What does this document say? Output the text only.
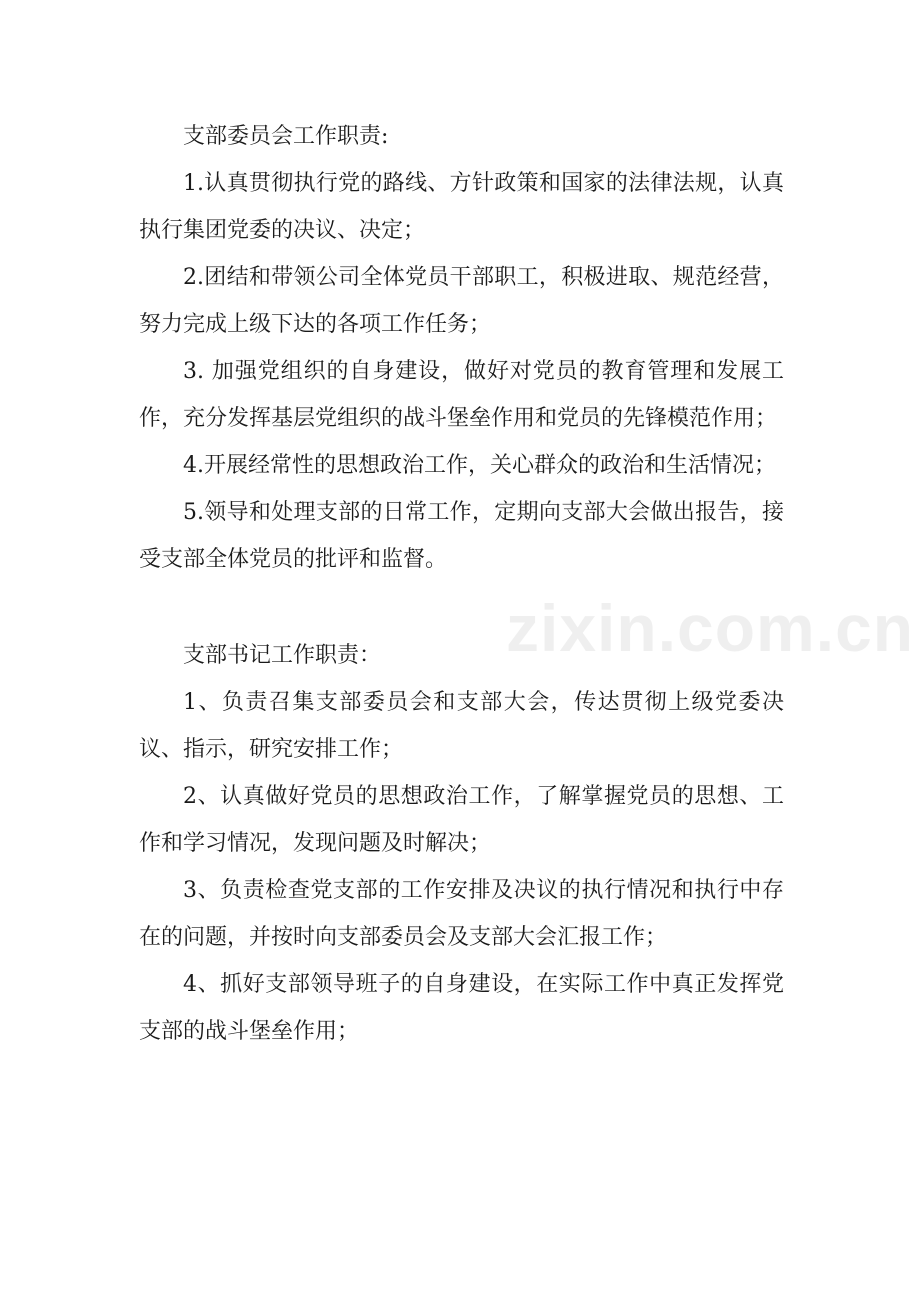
支部委员会工作职责:

1.认真贯彻执行党的路线、方针政策和国家的法律法规，认真执行集团党委的决议、决定；

2.团结和带领公司全体党员干部职工，积极进取、规范经营，努力完成上级下达的各项工作任务；

3. 加强党组织的自身建设，做好对党员的教育管理和发展工作，充分发挥基层党组织的战斗堡垒作用和党员的先锋模范作用；

4.开展经常性的思想政治工作，关心群众的政治和生活情况；

5.领导和处理支部的日常工作，定期向支部大会做出报告，接受支部全体党员的批评和监督。

支部书记工作职责：

1、负责召集支部委员会和支部大会，传达贯彻上级党委决议、指示，研究安排工作；

2、认真做好党员的思想政治工作，了解掌握党员的思想、工作和学习情况，发现问题及时解决；

3、负责检查党支部的工作安排及决议的执行情况和执行中存在的问题，并按时向支部委员会及支部大会汇报工作；

4、抓好支部领导班子的自身建设，在实际工作中真正发挥党支部的战斗堡垒作用；

zixin.com.cn
